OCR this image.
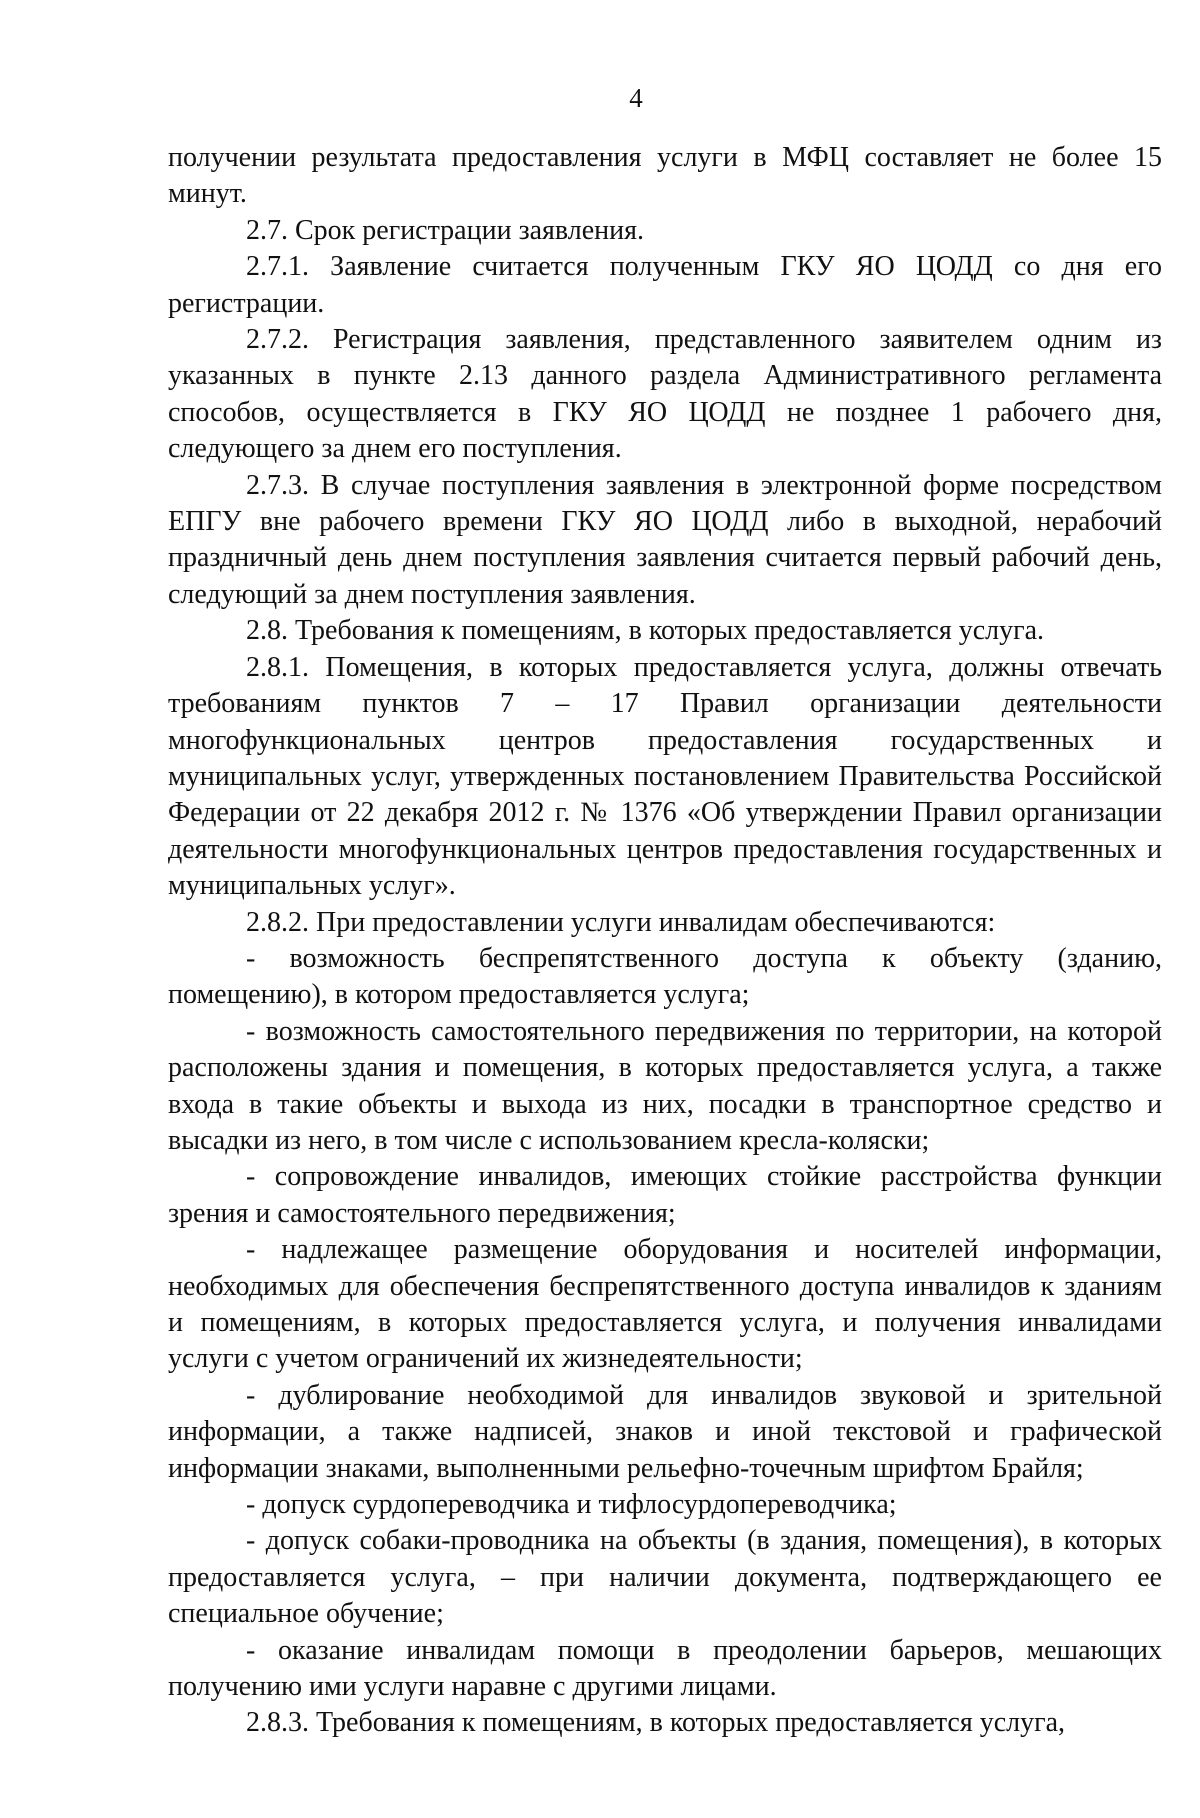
4

получении результата предоставления услуги в МФЦ составляет не более 15 минут.

2.7. Срок регистрации заявления.

2.7.1. Заявление считается полученным ГКУ ЯО ЦОДД со дня его регистрации.

2.7.2. Регистрация заявления, представленного заявителем одним из указанных в пункте 2.13 данного раздела Административного регламента способов, осуществляется в ГКУ ЯО ЦОДД не позднее 1 рабочего дня, следующего за днем его поступления.

2.7.3. В случае поступления заявления в электронной форме посредством ЕПГУ вне рабочего времени ГКУ ЯО ЦОДД либо в выходной, нерабочий праздничный день днем поступления заявления считается первый рабочий день, следующий за днем поступления заявления.

2.8. Требования к помещениям, в которых предоставляется услуга.

2.8.1. Помещения, в которых предоставляется услуга, должны отвечать требованиям пунктов 7 – 17 Правил организации деятельности многофункциональных центров предоставления государственных и муниципальных услуг, утвержденных постановлением Правительства Российской Федерации от 22 декабря 2012 г. № 1376 «Об утверждении Правил организации деятельности многофункциональных центров предоставления государственных и муниципальных услуг».

2.8.2. При предоставлении услуги инвалидам обеспечиваются:

- возможность беспрепятственного доступа к объекту (зданию, помещению), в котором предоставляется услуга;

- возможность самостоятельного передвижения по территории, на которой расположены здания и помещения, в которых предоставляется услуга, а также входа в такие объекты и выхода из них, посадки в транспортное средство и высадки из него, в том числе с использованием кресла-коляски;

- сопровождение инвалидов, имеющих стойкие расстройства функции зрения и самостоятельного передвижения;

- надлежащее размещение оборудования и носителей информации, необходимых для обеспечения беспрепятственного доступа инвалидов к зданиям и помещениям, в которых предоставляется услуга, и получения инвалидами услуги с учетом ограничений их жизнедеятельности;

- дублирование необходимой для инвалидов звуковой и зрительной информации, а также надписей, знаков и иной текстовой и графической информации знаками, выполненными рельефно-точечным шрифтом Брайля;

- допуск сурдопереводчика и тифлосурдопереводчика;

- допуск собаки-проводника на объекты (в здания, помещения), в которых предоставляется услуга, – при наличии документа, подтверждающего ее специальное обучение;

- оказание инвалидам помощи в преодолении барьеров, мешающих получению ими услуги наравне с другими лицами.

2.8.3. Требования к помещениям, в которых предоставляется услуга,
